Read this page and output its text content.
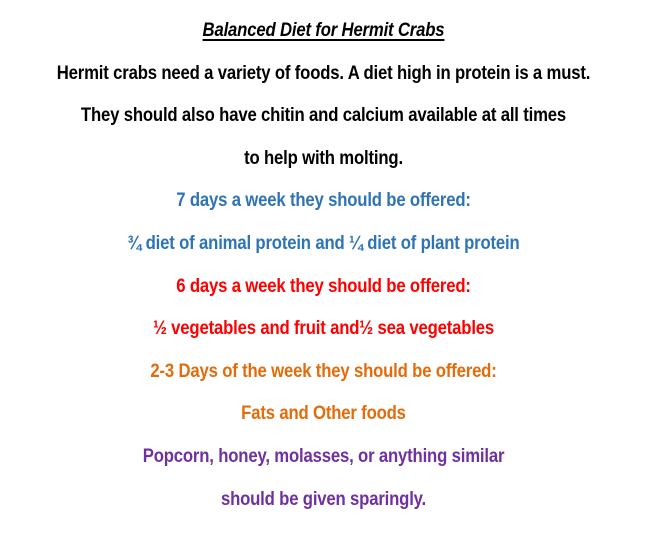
Balanced Diet for Hermit Crabs

Hermit crabs need a variety of foods. A diet high in protein is a must.

They should also have chitin and calcium available at all times

to help with molting.

7 days a week they should be offered:

¾ diet of animal protein and ¼ diet of plant protein

6 days a week they should be offered:

½ vegetables and fruit and½ sea vegetables

2-3 Days of the week they should be offered:

Fats and Other foods

Popcorn, honey, molasses, or anything similar

should be given sparingly.
